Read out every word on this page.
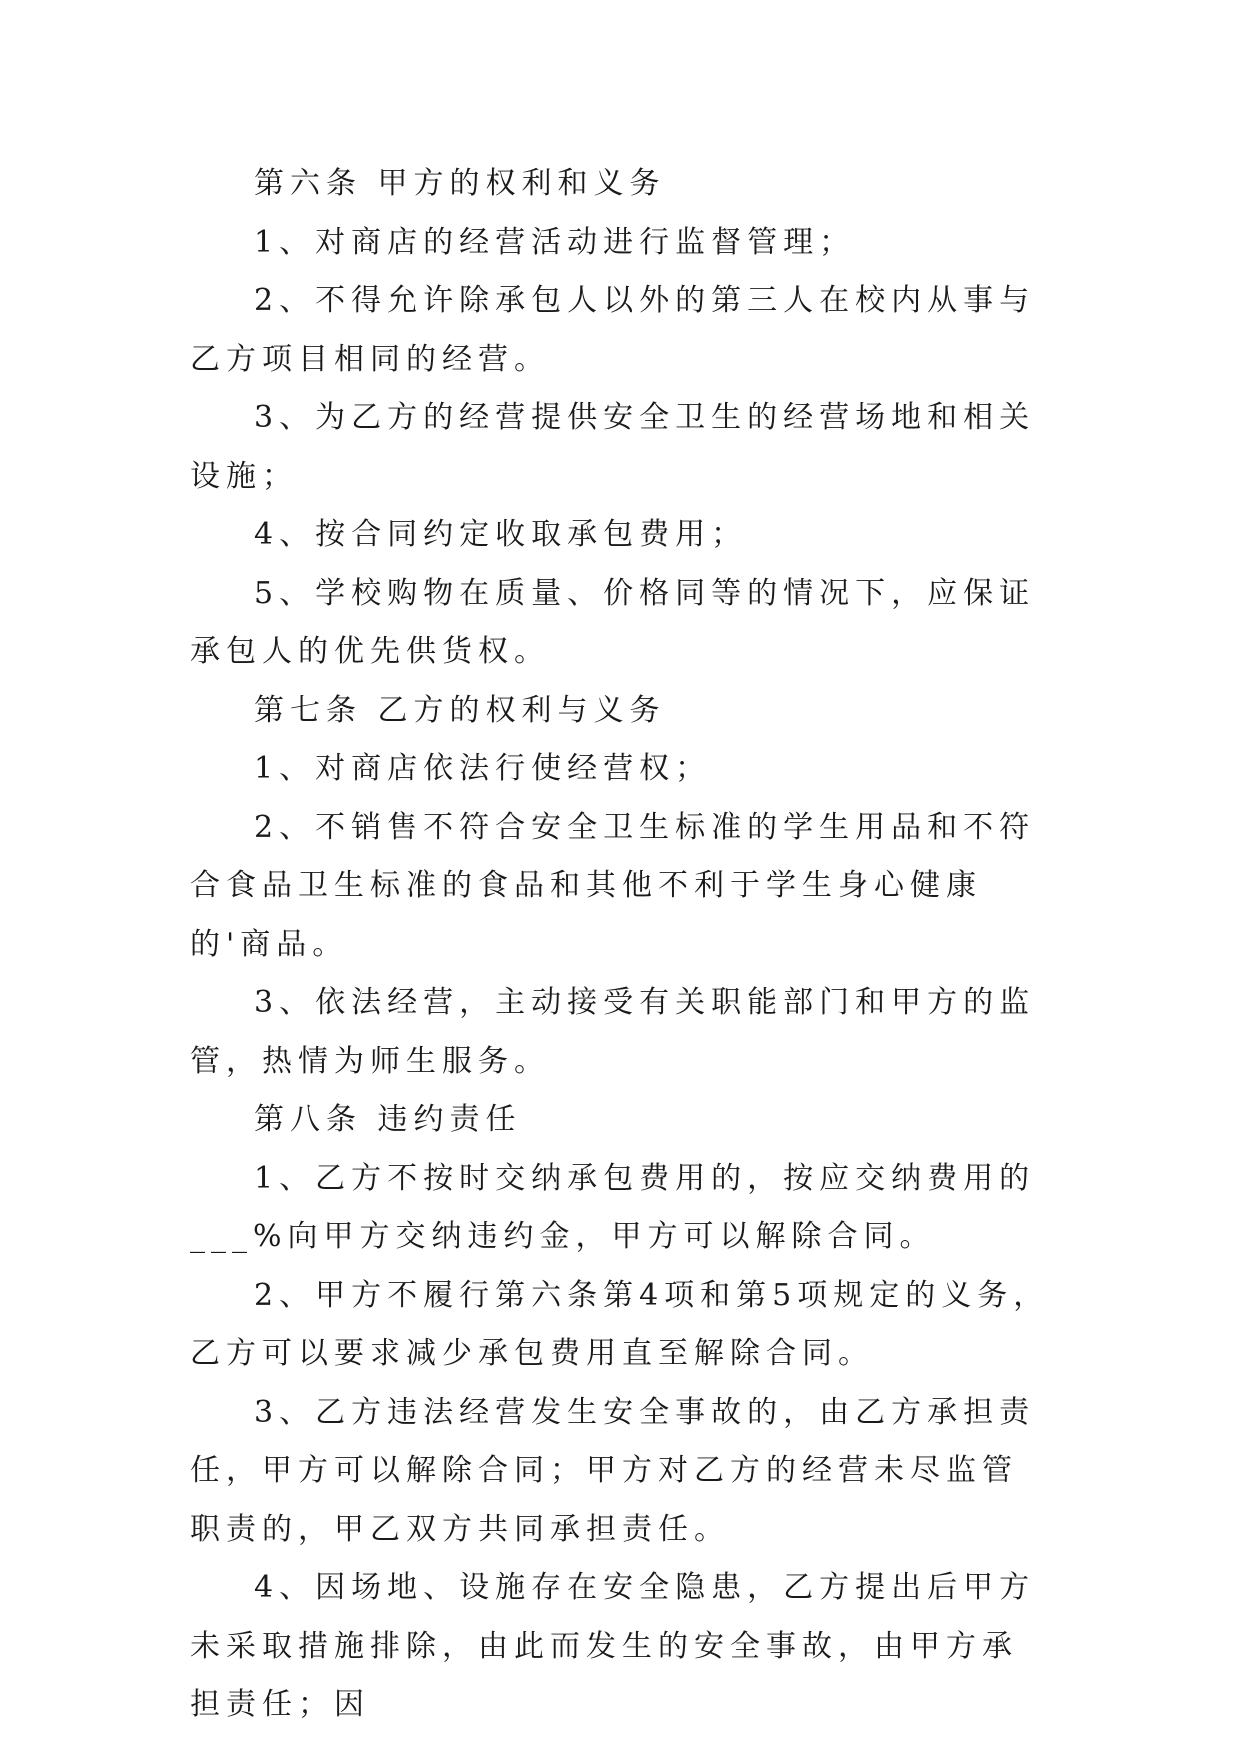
第六条 甲方的权利和义务

1、对商店的经营活动进行监督管理；

2、不得允许除承包人以外的第三人在校内从事与乙方项目相同的经营。

3、为乙方的经营提供安全卫生的经营场地和相关设施；

4、按合同约定收取承包费用；

5、学校购物在质量、价格同等的情况下，应保证承包人的优先供货权。

第七条 乙方的权利与义务

1、对商店依法行使经营权；

2、不销售不符合安全卫生标准的学生用品和不符合食品卫生标准的食品和其他不利于学生身心健康的'商品。

3、依法经营，主动接受有关职能部门和甲方的监管，热情为师生服务。

第八条 违约责任

1、乙方不按时交纳承包费用的，按应交纳费用的___%向甲方交纳违约金，甲方可以解除合同。

2、甲方不履行第六条第4项和第5项规定的义务，乙方可以要求减少承包费用直至解除合同。

3、乙方违法经营发生安全事故的，由乙方承担责任，甲方可以解除合同；甲方对乙方的经营未尽监管职责的，甲乙双方共同承担责任。

4、因场地、设施存在安全隐患，乙方提出后甲方未采取措施排除，由此而发生的安全事故，由甲方承担责任；因
